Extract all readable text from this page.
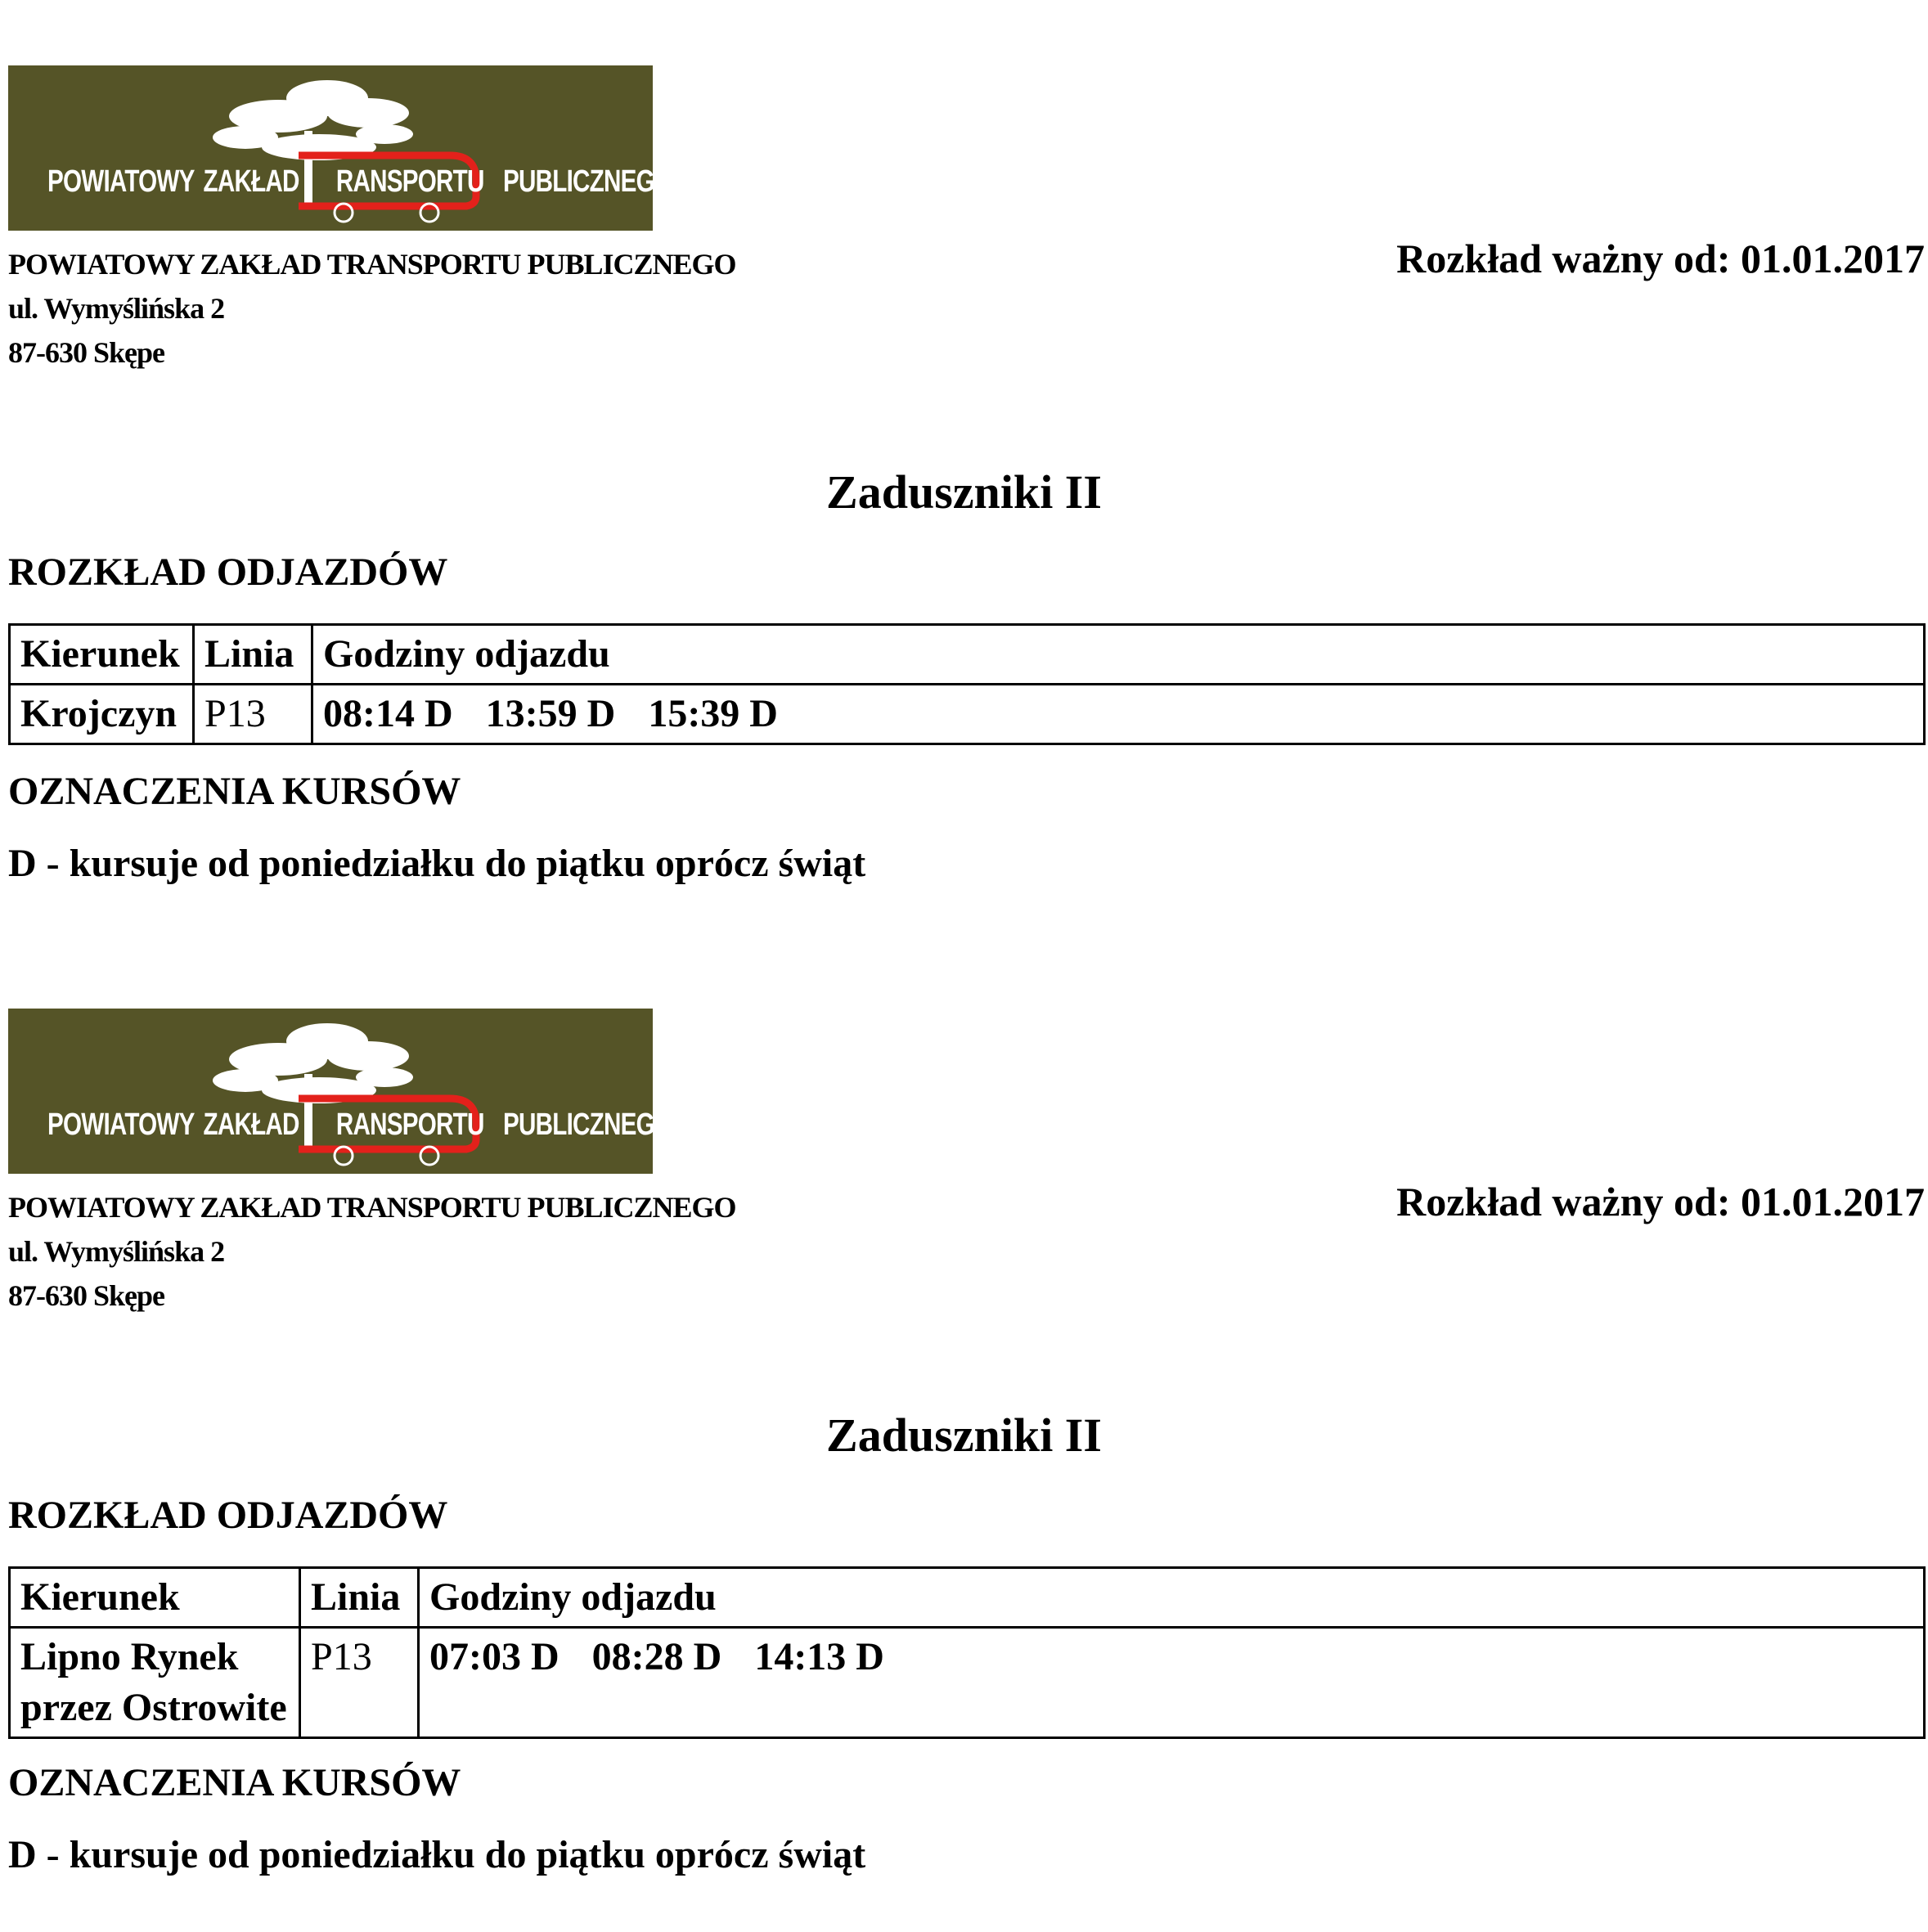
POWIATOWY ZAKŁAD RANSPORTU PUBLICZNEGO
POWIATOWY ZAKŁAD TRANSPORTU PUBLICZNEGO
ul. Wymyślińska 2
87-630 Skępe
Rozkład ważny od: 01.01.2017
Zaduszniki II
ROZKŁAD ODJAZDÓW
Kierunek	Linia	Godziny odjazdu

Krojczyn	P13	08:14 D 13:59 D 15:39 D
OZNACZENIA KURSÓW
D - kursuje od poniedziałku do piątku oprócz świąt
POWIATOWY ZAKŁAD RANSPORTU PUBLICZNEGO
POWIATOWY ZAKŁAD TRANSPORTU PUBLICZNEGO
ul. Wymyślińska 2
87-630 Skępe
Rozkład ważny od: 01.01.2017
Zaduszniki II
ROZKŁAD ODJAZDÓW
Kierunek	Linia	Godziny odjazdu

Lipno Rynek
przez Ostrowite	P13	07:03 D 08:28 D 14:13 D
OZNACZENIA KURSÓW
D - kursuje od poniedziałku do piątku oprócz świąt
